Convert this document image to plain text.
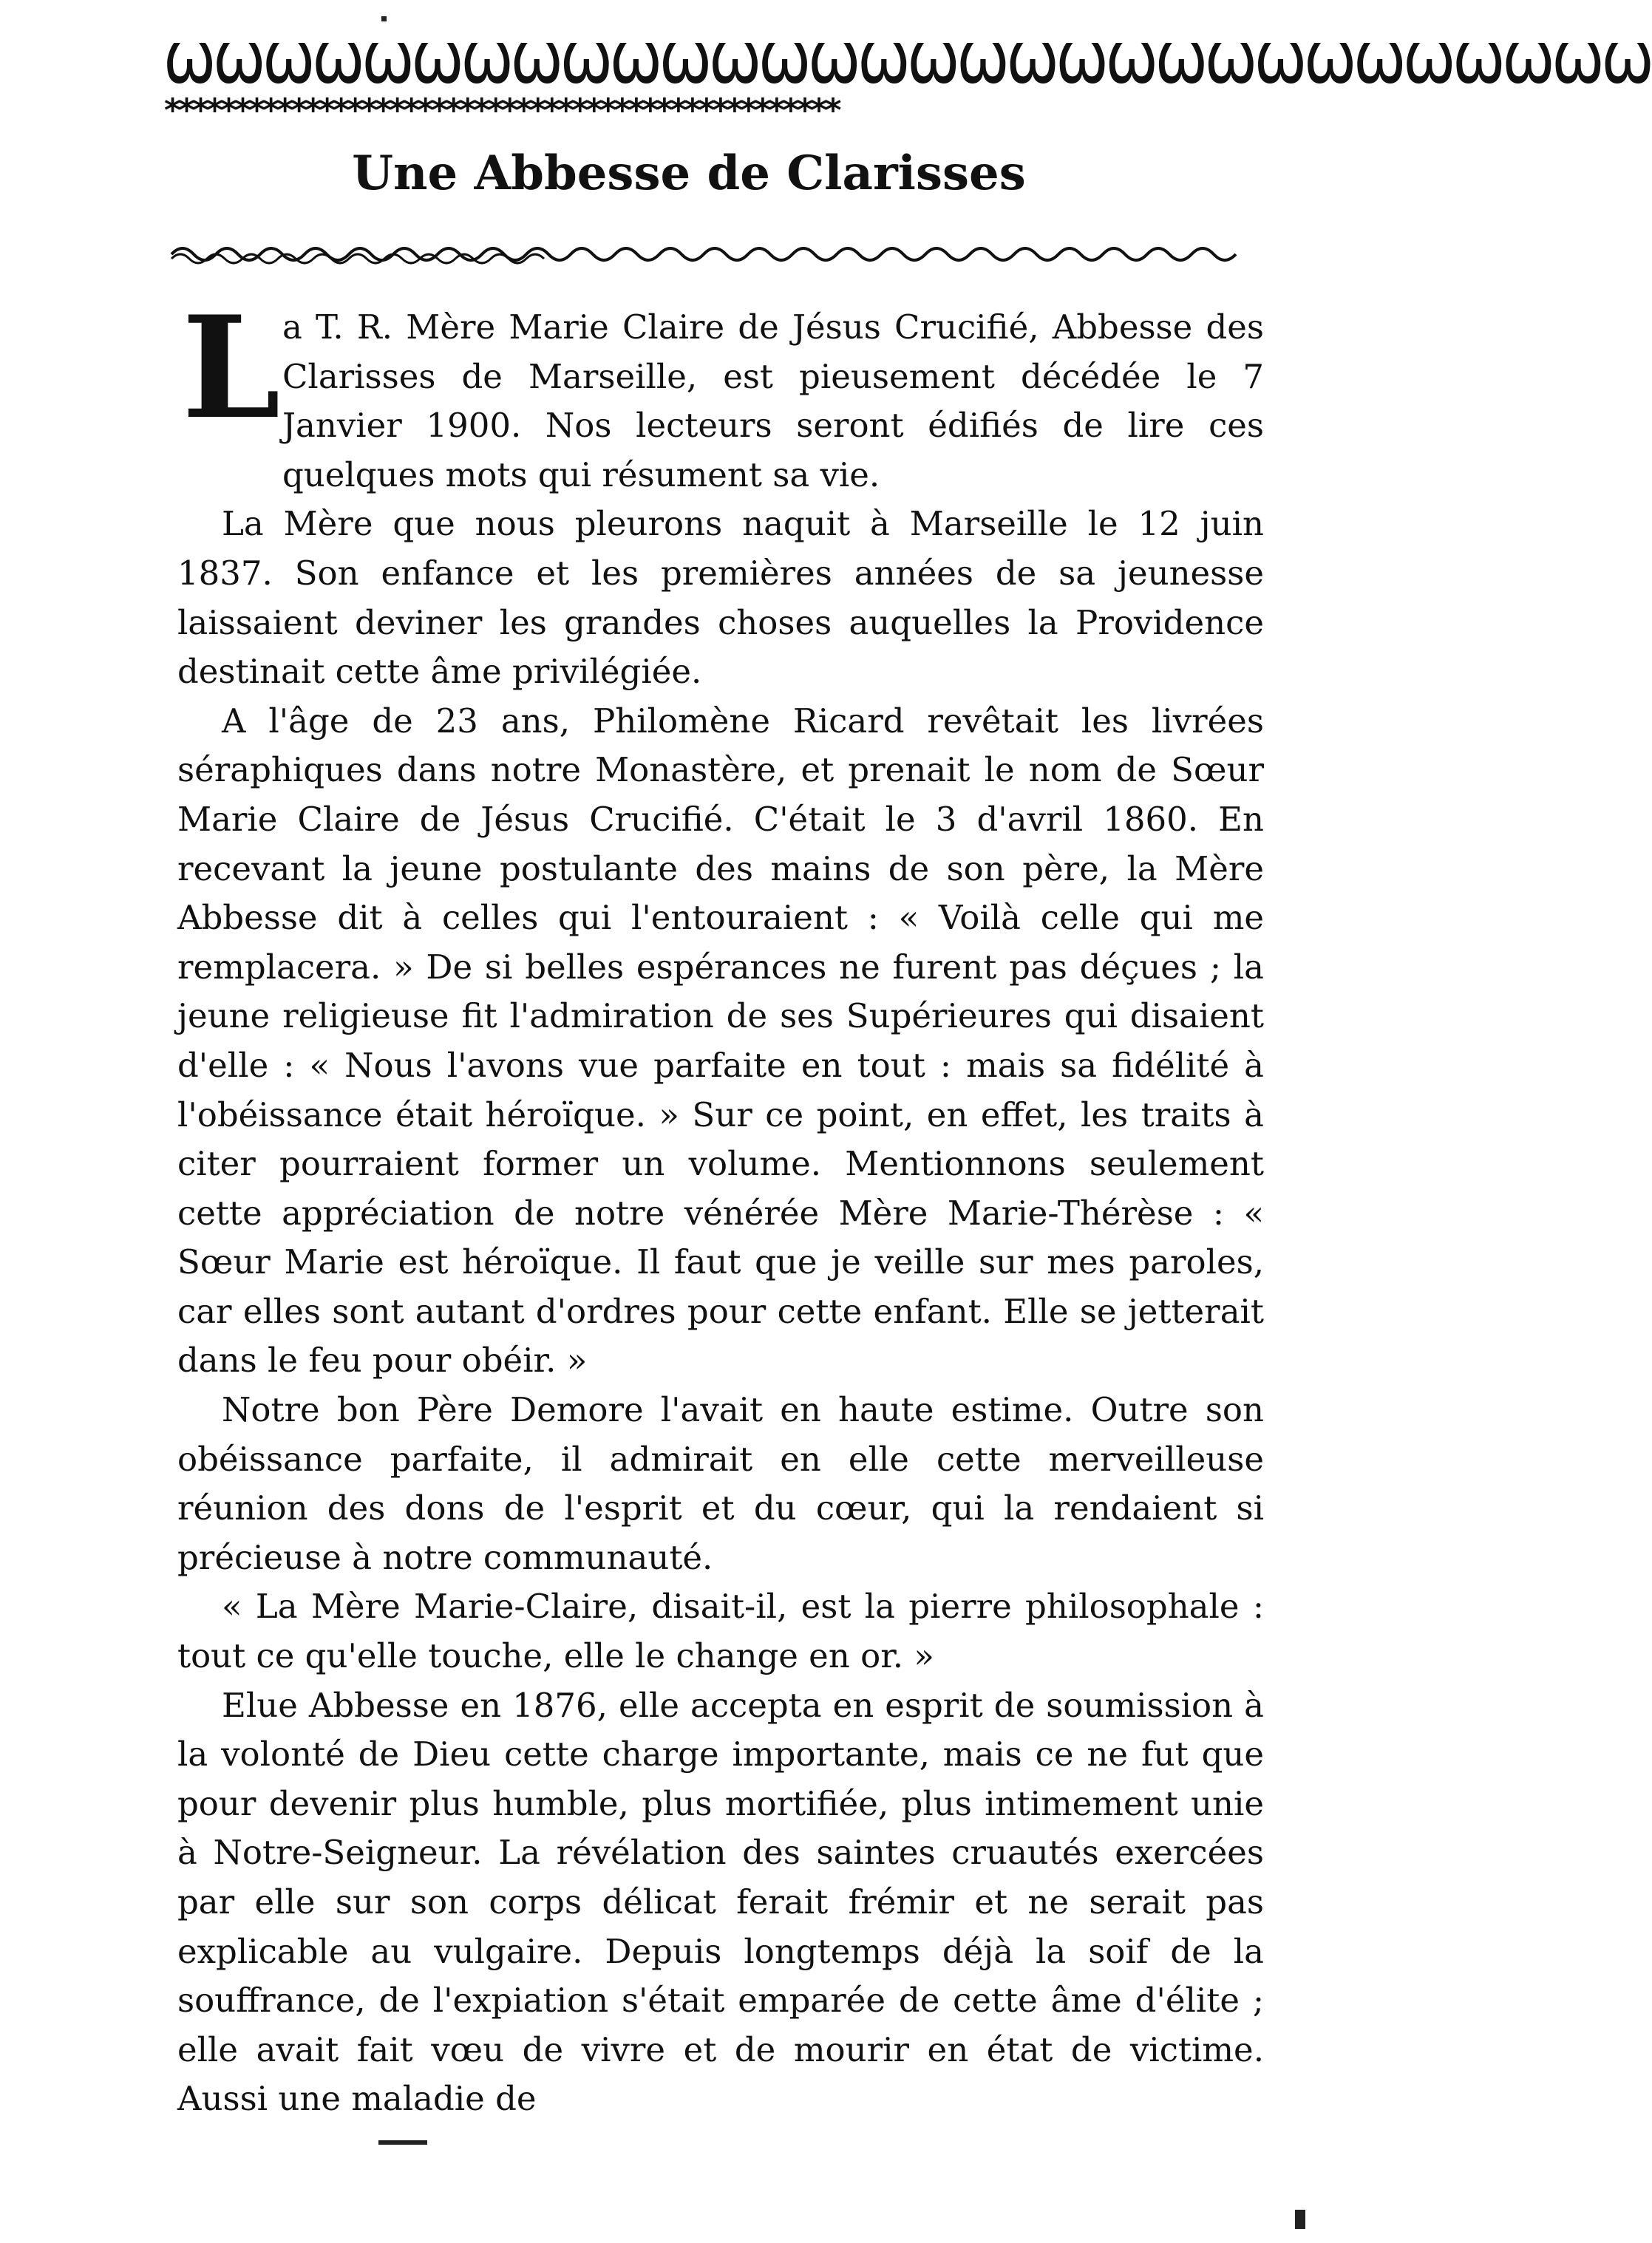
ѠѠѠѠѠѠѠѠѠѠѠѠѠѠѠѠѠѠѠѠѠѠѠѠѠѠѠѠѠѠ
************************************************
Une Abbesse de Clarisses

L a T. R. Mère Marie Claire de Jésus Crucifié, Abbesse des Clarisses de Marseille, est pieusement décédée le 7 Janvier 1900. Nos lecteurs seront édifiés de lire ces quelques mots qui résument sa vie.

La Mère que nous pleurons naquit à Marseille le 12 juin 1837. Son enfance et les premières années de sa jeunesse laissaient deviner les grandes choses auquelles la Providence destinait cette âme privilégiée.

A l'âge de 23 ans, Philomène Ricard revêtait les livrées séraphiques dans notre Monastère, et prenait le nom de Sœur Marie Claire de Jésus Crucifié. C'était le 3 d'avril 1860. En recevant la jeune postulante des mains de son père, la Mère Abbesse dit à celles qui l'entouraient : « Voilà celle qui me remplacera. » De si belles espérances ne furent pas déçues ; la jeune religieuse fit l'admiration de ses Supérieures qui disaient d'elle : « Nous l'avons vue parfaite en tout : mais sa fidélité à l'obéissance était héroïque. » Sur ce point, en effet, les traits à citer pourraient former un volume. Mentionnons seulement cette appréciation de notre vénérée Mère Marie-Thérèse : « Sœur Marie est héroïque. Il faut que je veille sur mes paroles, car elles sont autant d'ordres pour cette enfant. Elle se jetterait dans le feu pour obéir. »

Notre bon Père Demore l'avait en haute estime. Outre son obéissance parfaite, il admirait en elle cette merveilleuse réunion des dons de l'esprit et du cœur, qui la rendaient si précieuse à notre communauté.

« La Mère Marie-Claire, disait-il, est la pierre philosophale : tout ce qu'elle touche, elle le change en or. »

Elue Abbesse en 1876, elle accepta en esprit de soumission à la volonté de Dieu cette charge importante, mais ce ne fut que pour devenir plus humble, plus mortifiée, plus intimement unie à Notre-Seigneur. La révélation des saintes cruautés exercées par elle sur son corps délicat ferait frémir et ne serait pas explicable au vulgaire. Depuis longtemps déjà la soif de la souffrance, de l'expiation s'était emparée de cette âme d'élite ; elle avait fait vœu de vivre et de mourir en état de victime. Aussi une maladie de
